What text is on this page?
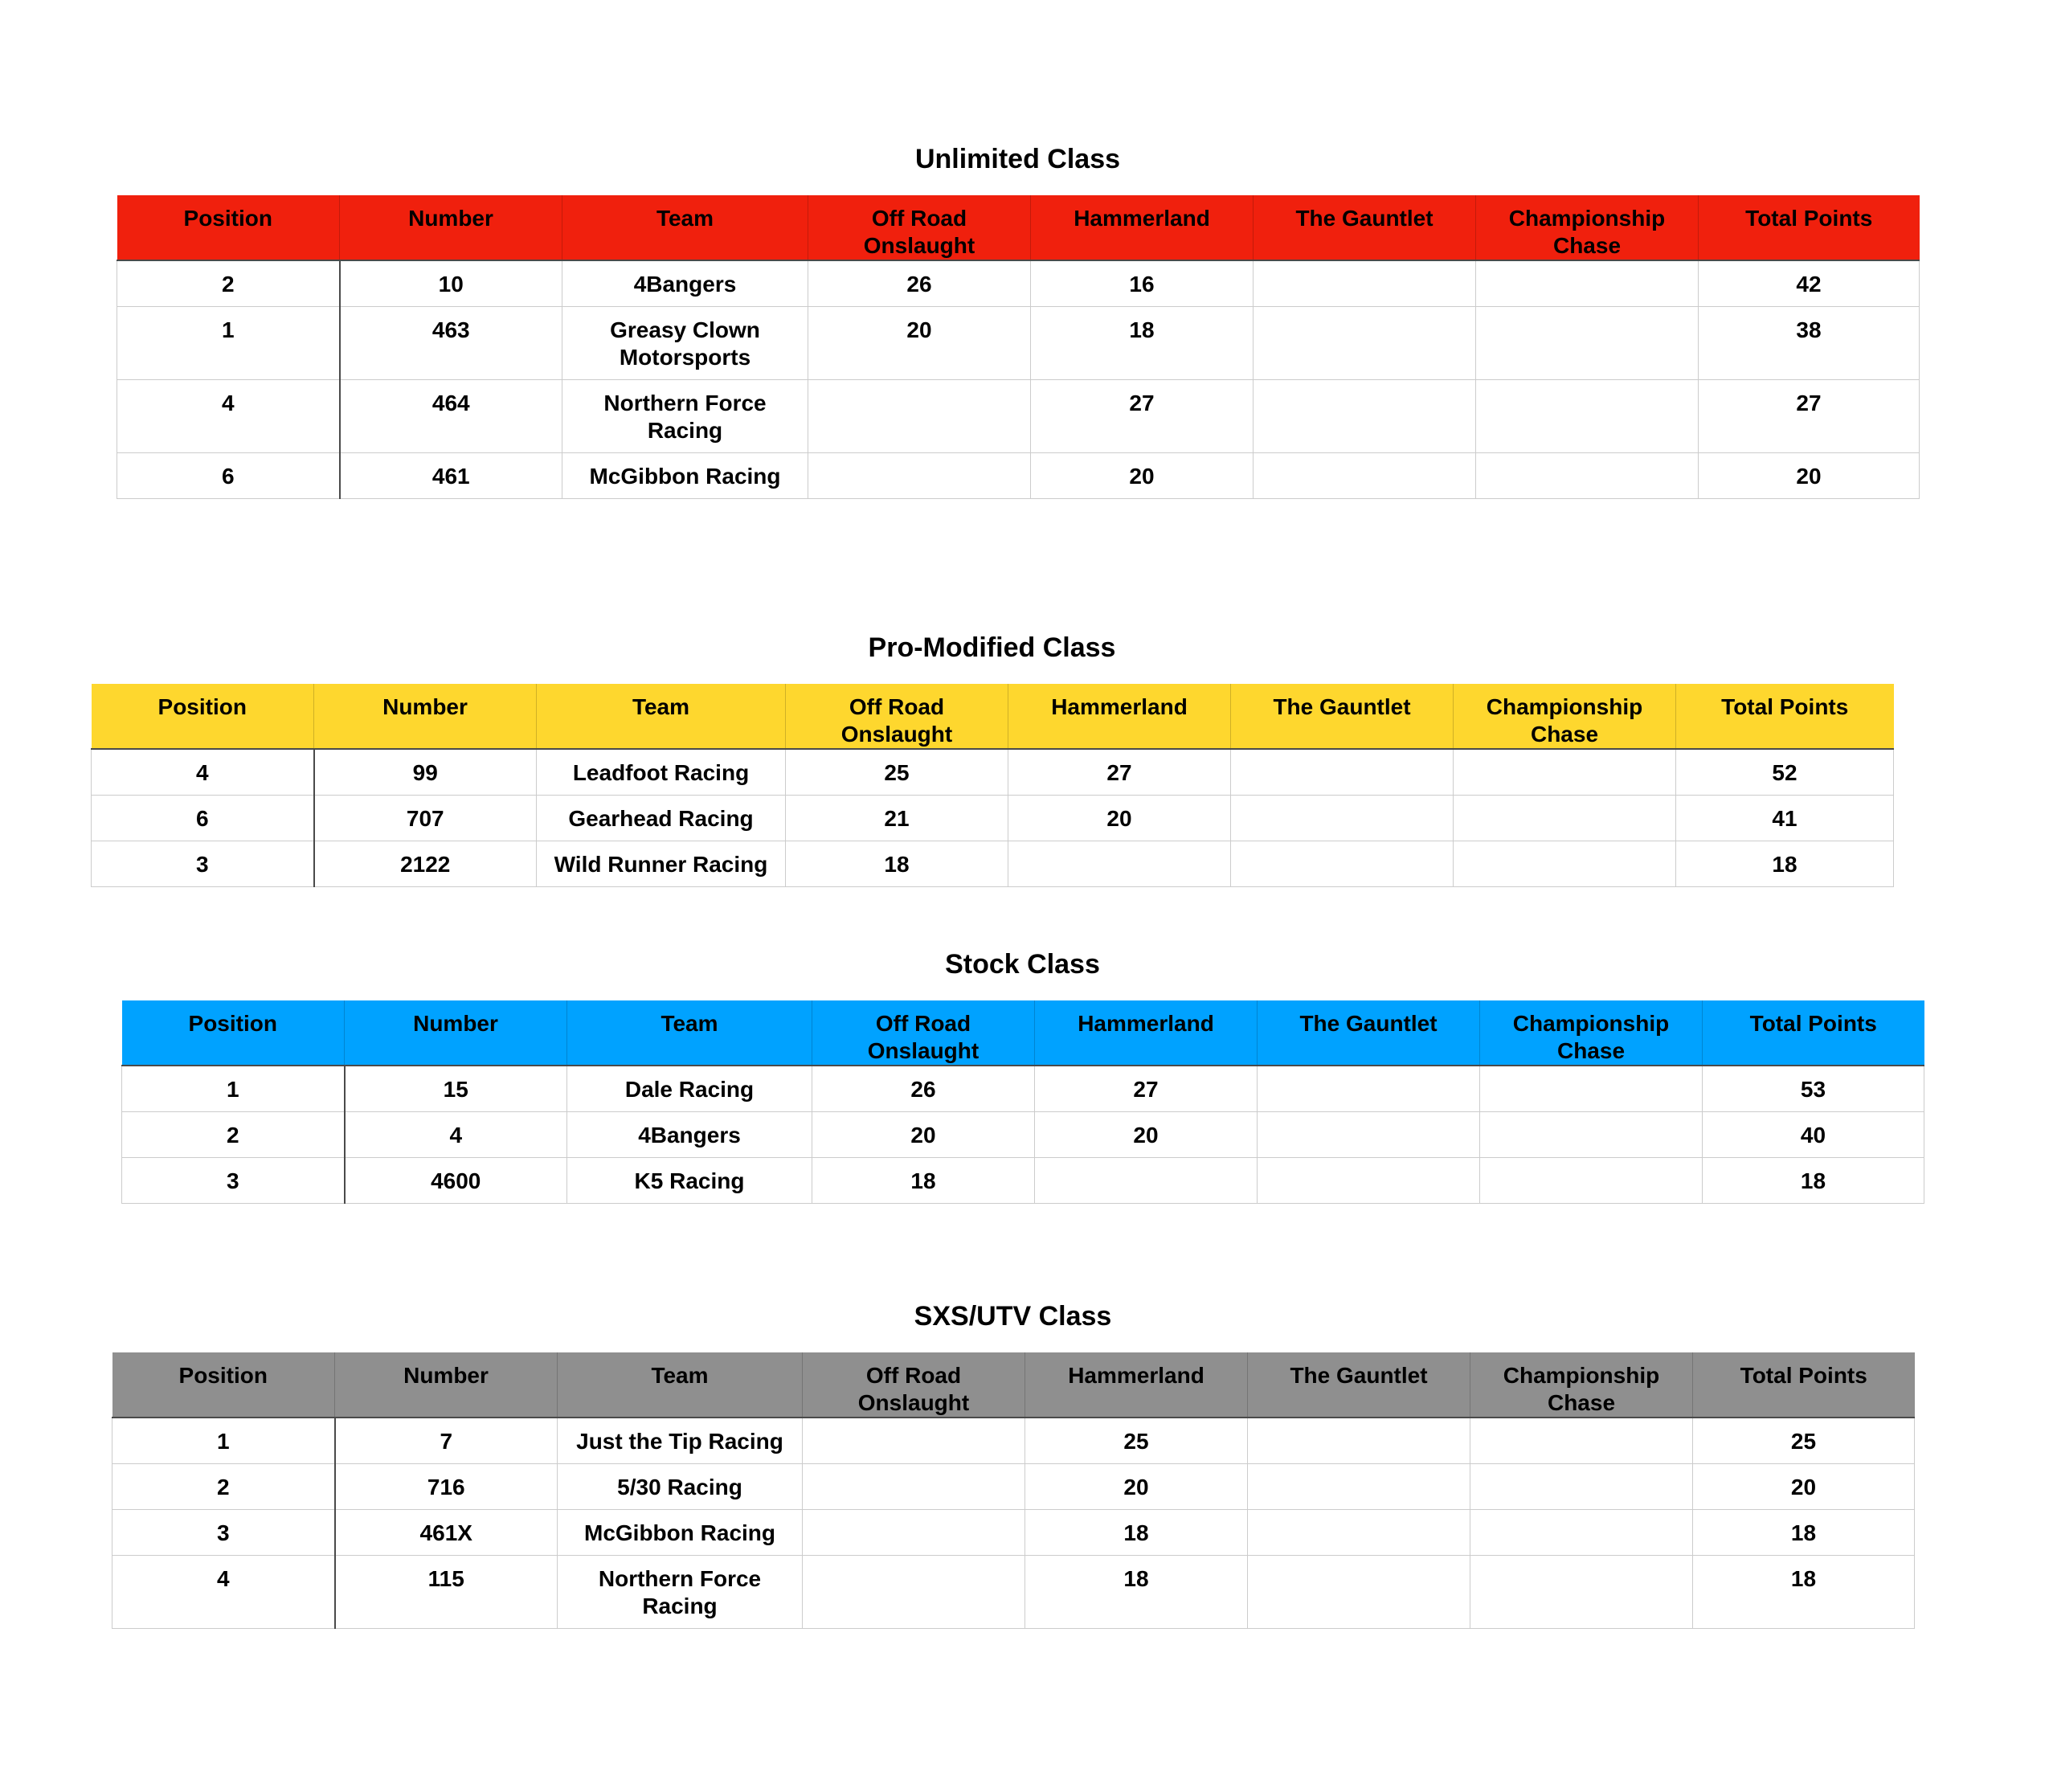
Unlimited Class
Position	Number	Team	Off Road Onslaught	Hammerland	The Gauntlet	Championship Chase	Total Points
2	10	4Bangers	26	16			42
1	463	Greasy Clown Motorsports	20	18			38
4	464	Northern Force Racing		27			27
6	461	McGibbon Racing		20			20
Pro-Modified Class
Position	Number	Team	Off Road Onslaught	Hammerland	The Gauntlet	Championship Chase	Total Points
4	99	Leadfoot Racing	25	27			52
6	707	Gearhead Racing	21	20			41
3	2122	Wild Runner Racing	18				18
Stock Class
Position	Number	Team	Off Road Onslaught	Hammerland	The Gauntlet	Championship Chase	Total Points
1	15	Dale Racing	26	27			53
2	4	4Bangers	20	20			40
3	4600	K5 Racing	18				18
SXS/UTV Class
Position	Number	Team	Off Road Onslaught	Hammerland	The Gauntlet	Championship Chase	Total Points
1	7	Just the Tip Racing		25			25
2	716	5/30 Racing		20			20
3	461X	McGibbon Racing		18			18
4	115	Northern Force Racing		18			18
